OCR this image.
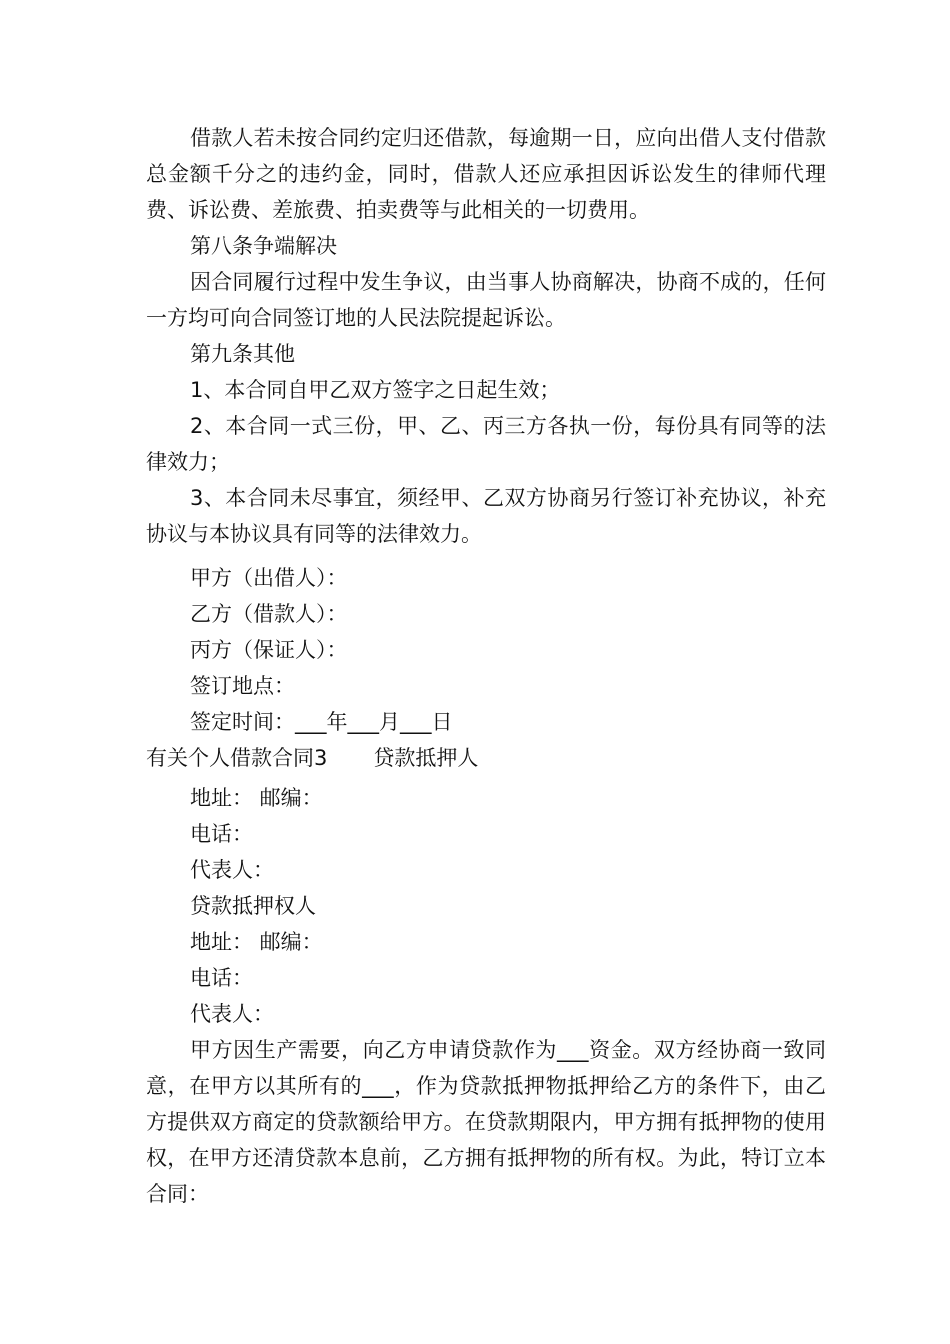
借款人若未按合同约定归还借款，每逾期一日，应向出借人支付借款总金额千分之的违约金，同时，借款人还应承担因诉讼发生的律师代理费、诉讼费、差旅费、拍卖费等与此相关的一切费用。

第八条争端解决

因合同履行过程中发生争议，由当事人协商解决，协商不成的，任何一方均可向合同签订地的人民法院提起诉讼。

第九条其他

1、本合同自甲乙双方签字之日起生效；

2、本合同一式三份，甲、乙、丙三方各执一份，每份具有同等的法律效力；

3、本合同未尽事宜，须经甲、乙双方协商另行签订补充协议，补充协议与本协议具有同等的法律效力。

甲方（出借人）：

乙方（借款人）：

丙方（保证人）：

签订地点：

签定时间：___年___月___日

有关个人借款合同3 贷款抵押人

地址： 邮编：

电话：

代表人：

贷款抵押权人

地址： 邮编：

电话：

代表人：

甲方因生产需要，向乙方申请贷款作为___资金。双方经协商一致同意，在甲方以其所有的___，作为贷款抵押物抵押给乙方的条件下，由乙方提供双方商定的贷款额给甲方。在贷款期限内，甲方拥有抵押物的使用权，在甲方还清贷款本息前，乙方拥有抵押物的所有权。为此，特订立本合同：
